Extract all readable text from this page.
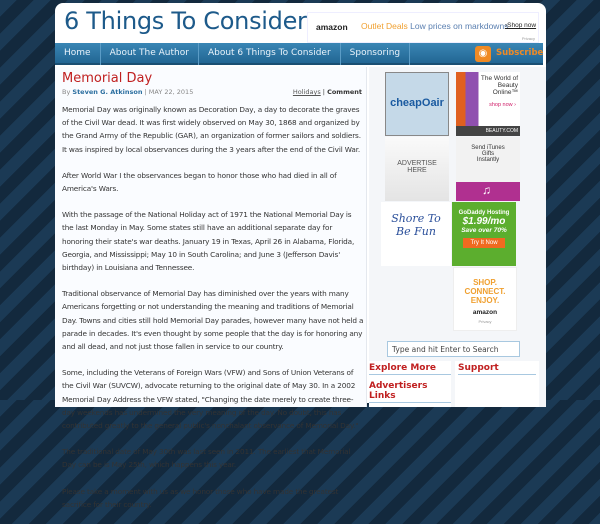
6 Things To Consider amazon Outlet Deals Low prices on markdowns
›Shop now
Privacy
Home	About The Author	About 6 Things To Consider	Sponsoring	◉	Subscribe
Memorial Day
By Steven G. Atkinson | MAY 22, 2015	Holidays | Comment

Memorial Day was originally known as Decoration Day, a day to decorate the graves of the Civil War dead. It was first widely observed on May 30, 1868 and organized by the Grand Army of the Republic (GAR), an organization of former sailors and soldiers. It was inspired by local observances during the 3 years after the end of the Civil War.

After World War I the observances began to honor those who had died in all of America's Wars.

With the passage of the National Holiday act of 1971 the National Memorial Day is the last Monday in May. Some states still have an additional separate day for honoring their state's war deaths. January 19 in Texas, April 26 in Alabama, Florida, Georgia, and Mississippi; May 10 in South Carolina; and June 3 (Jefferson Davis' birthday) in Louisiana and Tennessee.

Traditional observance of Memorial Day has diminished over the years with many Americans forgetting or not understanding the meaning and traditions of Memorial Day. Towns and cities still hold Memorial Day parades, however many have not held a parade in decades. It's even thought by some people that the day is for honoring any and all dead, and not just those fallen in service to our country.

Some, including the Veterans of Foreign Wars (VFW) and Sons of Union Veterans of the Civil War (SUVCW), advocate returning to the original date of May 30. In a 2002 Memorial Day Address the VFW stated, "Changing the date merely to create three-day weekends has undermined the very meaning of the day. No doubt, this has contributed greatly to the general public's nonchalant observance of Memorial Day."

The traditional date of May 30th was last seen in 2011. The earliest that Memorial Day can be is May 25th, which happens this year.

Please take a moment with us as we honor those who have made the greatest sacrifice for their country.

cheapOair
The World of Beauty Online™
shop now ›
BEAUTY.COM
ADVERTISE HERE
Send iTunes Gifts Instantly
♫
Shore To Be Fun
GoDaddy Hosting
$1.99/mo
Save over 70%
Try It Now
SHOP. CONNECT. ENJOY.
amazon
Privacy
Type and hit Enter to Search
Explore More
Advertisers Links
Support
